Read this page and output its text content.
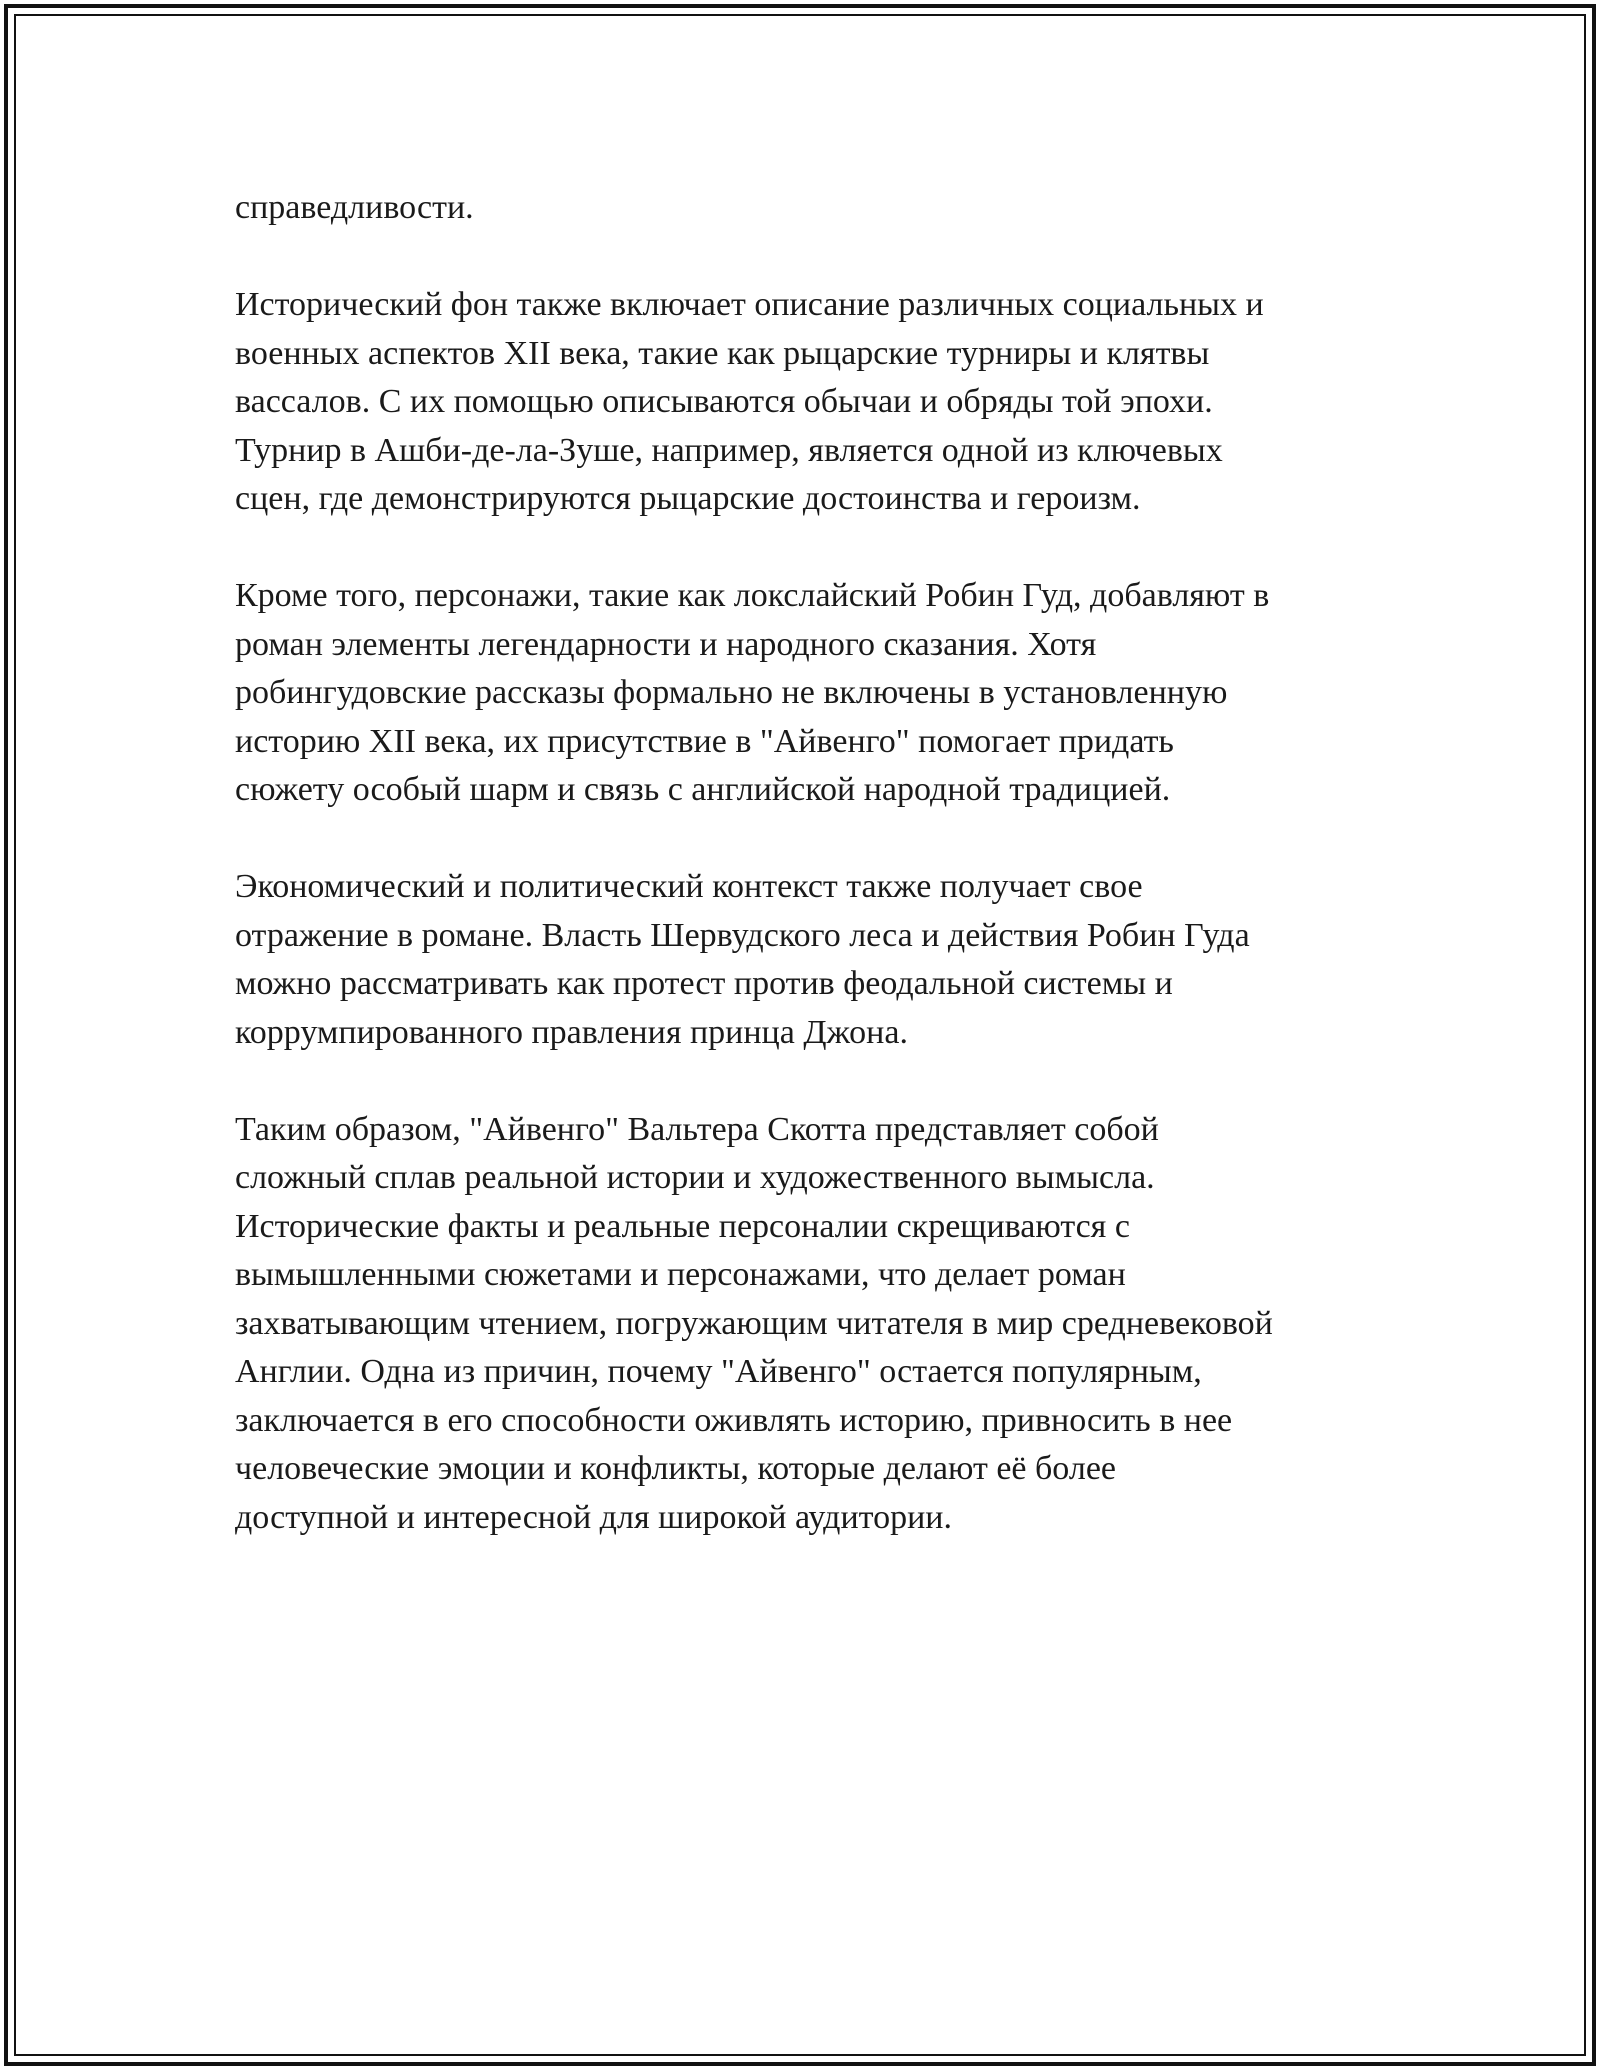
справедливости.

Исторический фон также включает описание различных социальных и
военных аспектов XII века, такие как рыцарские турниры и клятвы
вассалов. С их помощью описываются обычаи и обряды той эпохи.
Турнир в Ашби-де-ла-Зуше, например, является одной из ключевых
сцен, где демонстрируются рыцарские достоинства и героизм.

Кроме того, персонажи, такие как локслайский Робин Гуд, добавляют в
роман элементы легендарности и народного сказания. Хотя
робингудовские рассказы формально не включены в установленную
историю XII века, их присутствие в "Айвенго" помогает придать
сюжету особый шарм и связь с английской народной традицией.

Экономический и политический контекст также получает свое
отражение в романе. Власть Шервудского леса и действия Робин Гуда
можно рассматривать как протест против феодальной системы и
коррумпированного правления принца Джона.

Таким образом, "Айвенго" Вальтера Скотта представляет собой
сложный сплав реальной истории и художественного вымысла.
Исторические факты и реальные персоналии скрещиваются с
вымышленными сюжетами и персонажами, что делает роман
захватывающим чтением, погружающим читателя в мир средневековой
Англии. Одна из причин, почему "Айвенго" остается популярным,
заключается в его способности оживлять историю, привносить в нее
человеческие эмоции и конфликты, которые делают её более
доступной и интересной для широкой аудитории.
